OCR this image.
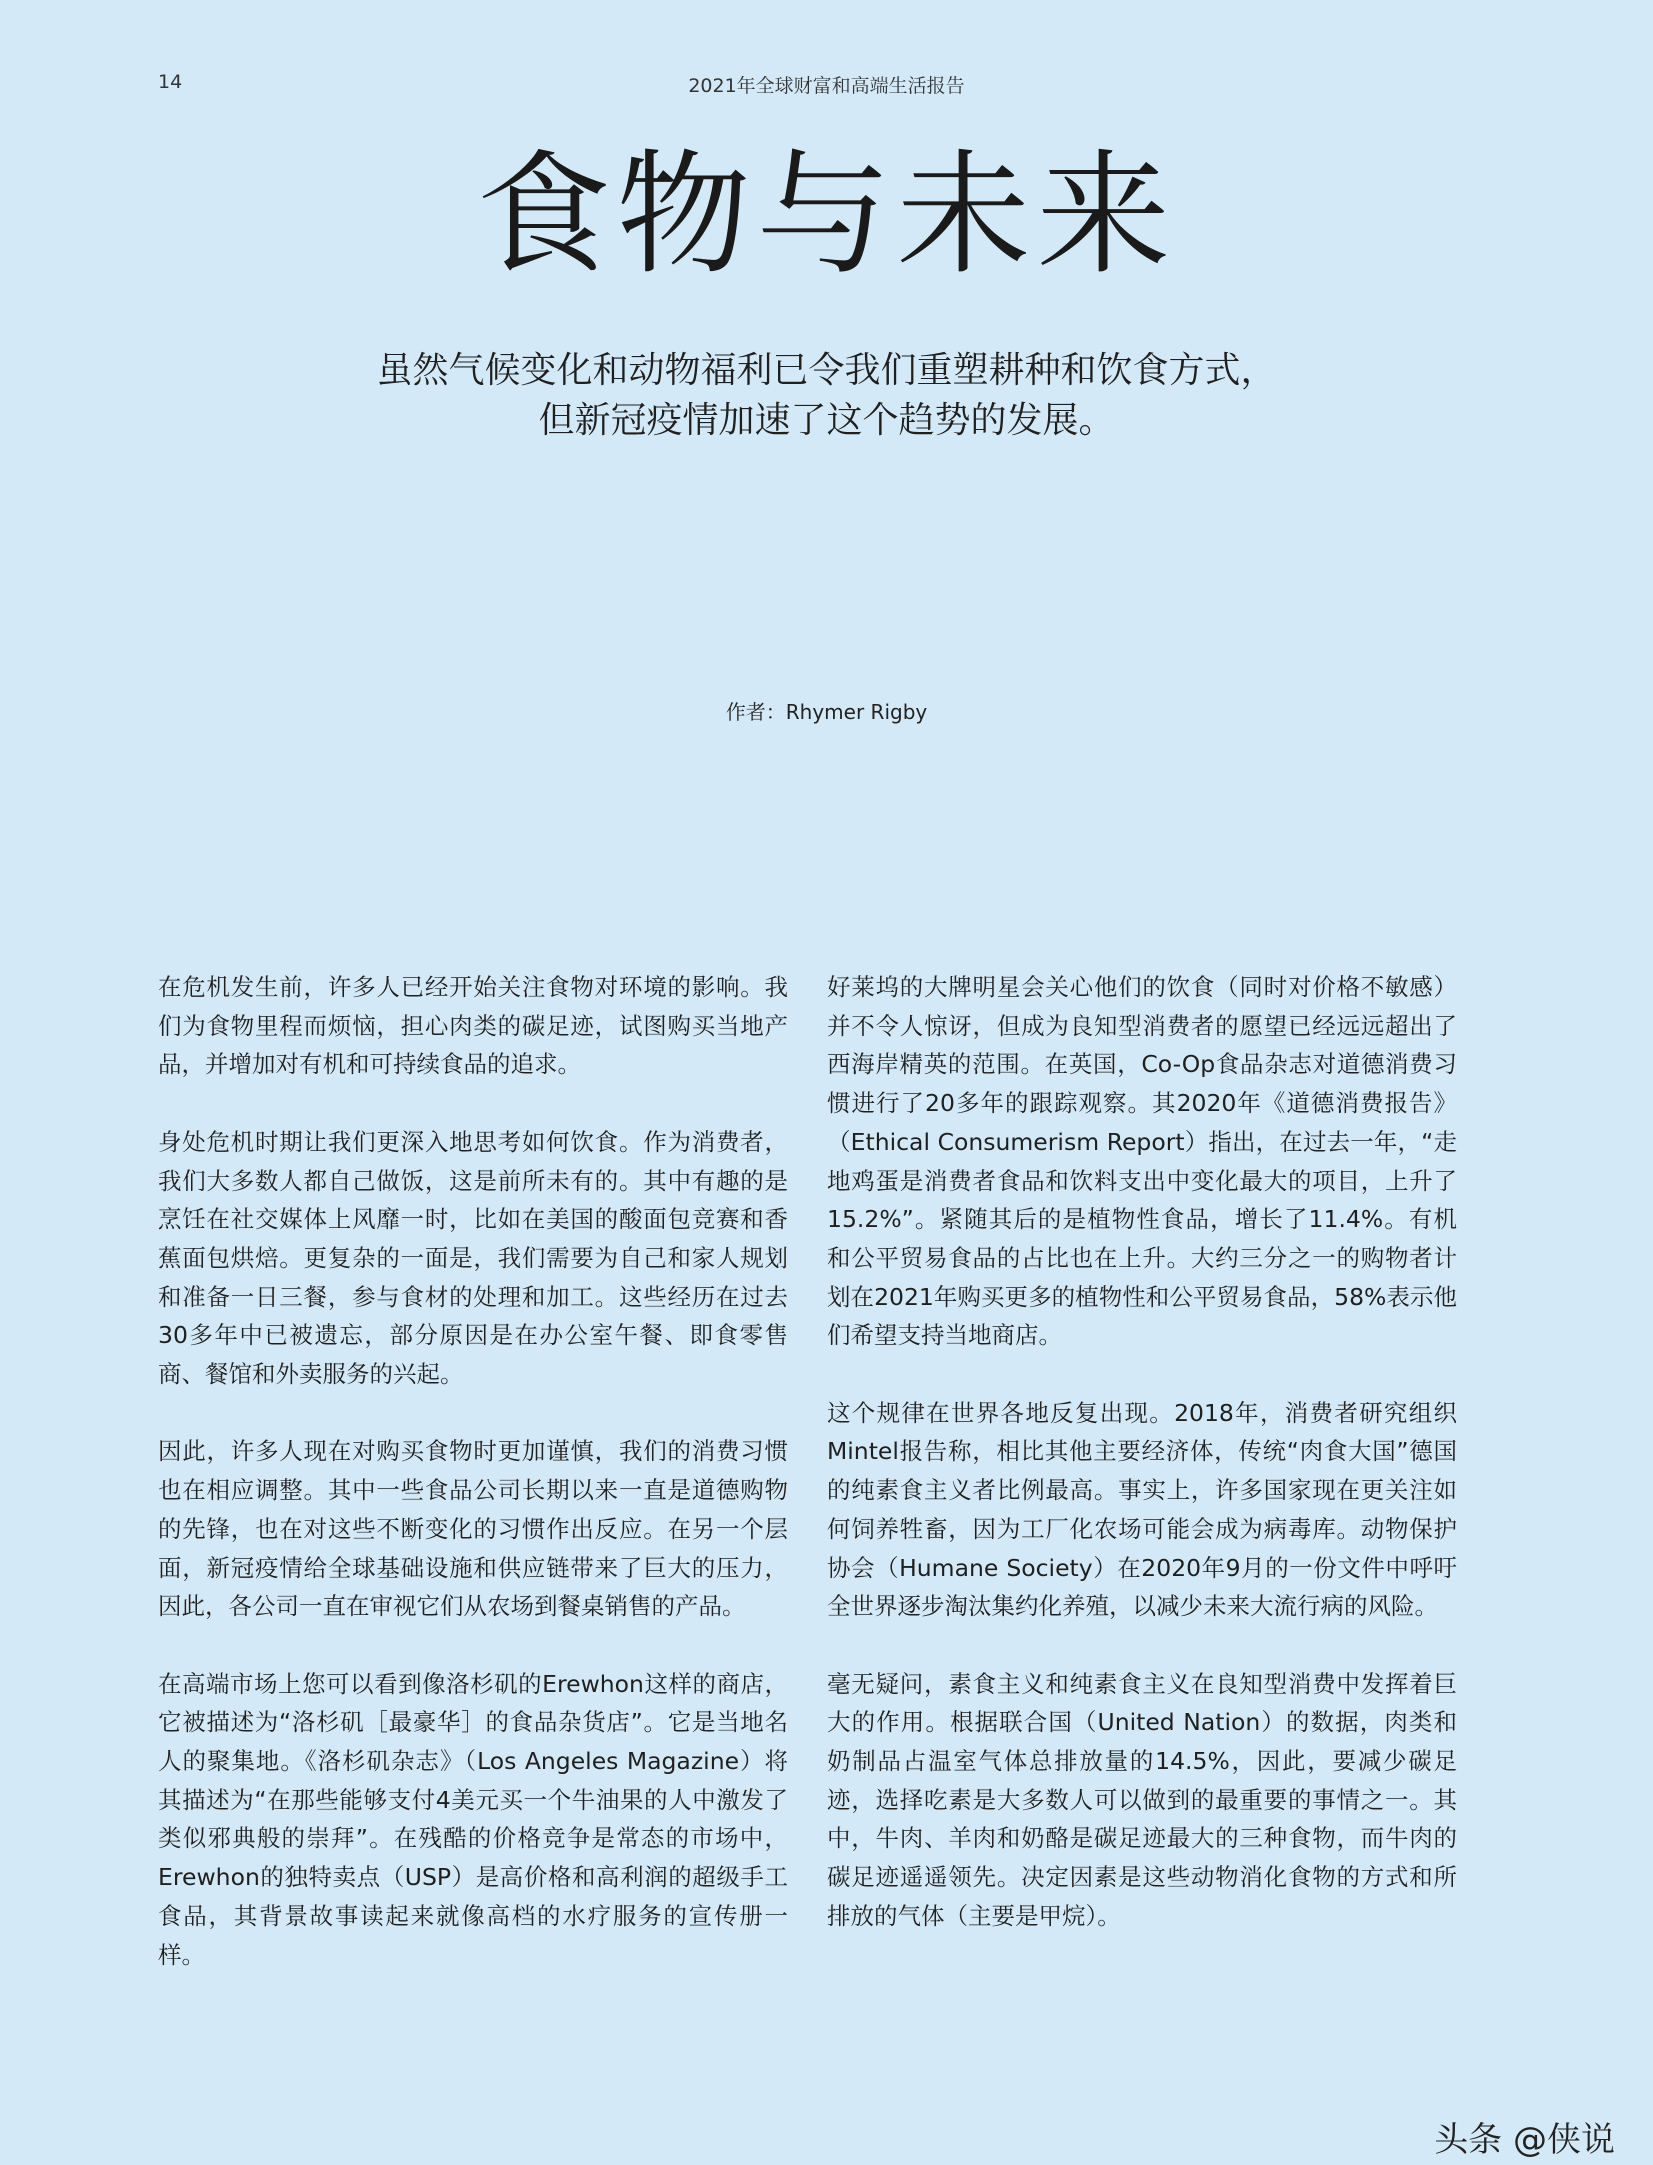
14	2021年全球财富和高端生活报告
食物与未来
虽然气候变化和动物福利已令我们重塑耕种和饮食方式，
但新冠疫情加速了这个趋势的发展。
作者：Rhymer Rigby

在危机发生前，许多人已经开始关注食物对环境的影响。我们为食物里程而烦恼，担心肉类的碳足迹，试图购买当地产品，并增加对有机和可持续食品的追求。

身处危机时期让我们更深入地思考如何饮食。作为消费者，我们大多数人都自己做饭，这是前所未有的。其中有趣的是烹饪在社交媒体上风靡一时，比如在美国的酸面包竞赛和香蕉面包烘焙。更复杂的一面是，我们需要为自己和家人规划和准备一日三餐，参与食材的处理和加工。这些经历在过去30多年中已被遗忘，部分原因是在办公室午餐、即食零售商、餐馆和外卖服务的兴起。

因此，许多人现在对购买食物时更加谨慎，我们的消费习惯也在相应调整。其中一些食品公司长期以来一直是道德购物的先锋，也在对这些不断变化的习惯作出反应。在另一个层面，新冠疫情给全球基础设施和供应链带来了巨大的压力，因此，各公司一直在审视它们从农场到餐桌销售的产品。

在高端市场上您可以看到像洛杉矶的Erewhon这样的商店，它被描述为“洛杉矶［最豪华］的食品杂货店”。它是当地名人的聚集地。《洛杉矶杂志》（Los Angeles Magazine）将其描述为“在那些能够支付4美元买一个牛油果的人中激发了类似邪典般的崇拜”。在残酷的价格竞争是常态的市场中，Erewhon的独特卖点（USP）是高价格和高利润的超级手工食品，其背景故事读起来就像高档的水疗服务的宣传册一样。

好莱坞的大牌明星会关心他们的饮食（同时对价格不敏感）并不令人惊讶，但成为良知型消费者的愿望已经远远超出了西海岸精英的范围。在英国，Co-Op食品杂志对道德消费习惯进行了20多年的跟踪观察。其2020年《道德消费报告》（Ethical Consumerism Report）指出，在过去一年，“走地鸡蛋是消费者食品和饮料支出中变化最大的项目，上升了15.2%”。紧随其后的是植物性食品，增长了11.4%。有机和公平贸易食品的占比也在上升。大约三分之一的购物者计划在2021年购买更多的植物性和公平贸易食品，58%表示他们希望支持当地商店。

这个规律在世界各地反复出现。2018年，消费者研究组织Mintel报告称，相比其他主要经济体，传统“肉食大国”德国的纯素食主义者比例最高。事实上，许多国家现在更关注如何饲养牲畜，因为工厂化农场可能会成为病毒库。动物保护协会（Humane Society）在2020年9月的一份文件中呼吁全世界逐步淘汰集约化养殖，以减少未来大流行病的风险。

毫无疑问，素食主义和纯素食主义在良知型消费中发挥着巨大的作用。根据联合国（United Nation）的数据，肉类和奶制品占温室气体总排放量的14.5%，因此，要减少碳足迹，选择吃素是大多数人可以做到的最重要的事情之一。其中，牛肉、羊肉和奶酪是碳足迹最大的三种食物，而牛肉的碳足迹遥遥领先。决定因素是这些动物消化食物的方式和所排放的气体（主要是甲烷）。

头条 @侠说
